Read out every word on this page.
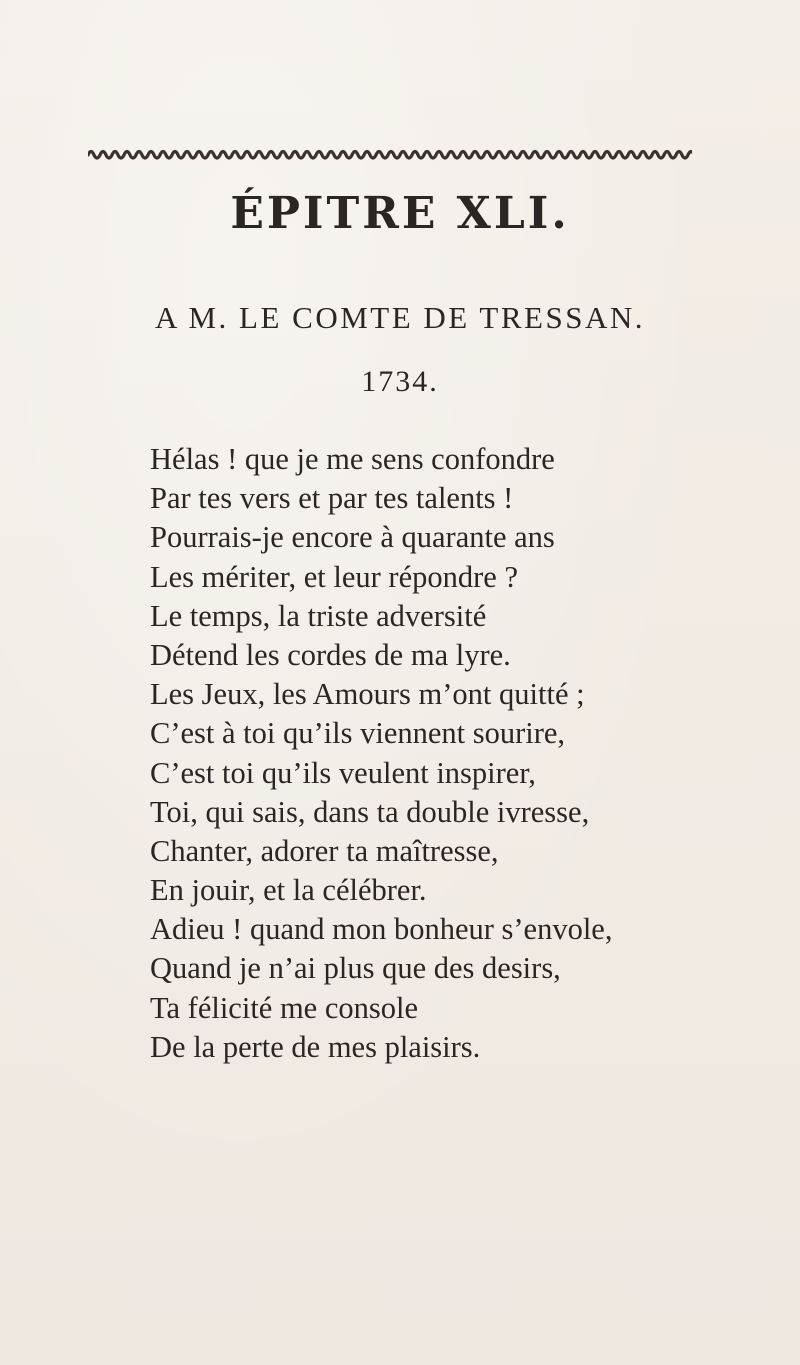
ÉPITRE XLI.
A M. LE COMTE DE TRESSAN.
1734.
Hélas ! que je me sens confondre
Par tes vers et par tes talents !
Pourrais-je encore à quarante ans
Les mériter, et leur répondre ?
Le temps, la triste adversité
Détend les cordes de ma lyre.
Les Jeux, les Amours m’ont quitté ;
C’est à toi qu’ils viennent sourire,
C’est toi qu’ils veulent inspirer,
Toi, qui sais, dans ta double ivresse,
Chanter, adorer ta maîtresse,
En jouir, et la célébrer.
Adieu ! quand mon bonheur s’envole,
Quand je n’ai plus que des desirs,
Ta félicité me console
De la perte de mes plaisirs.
